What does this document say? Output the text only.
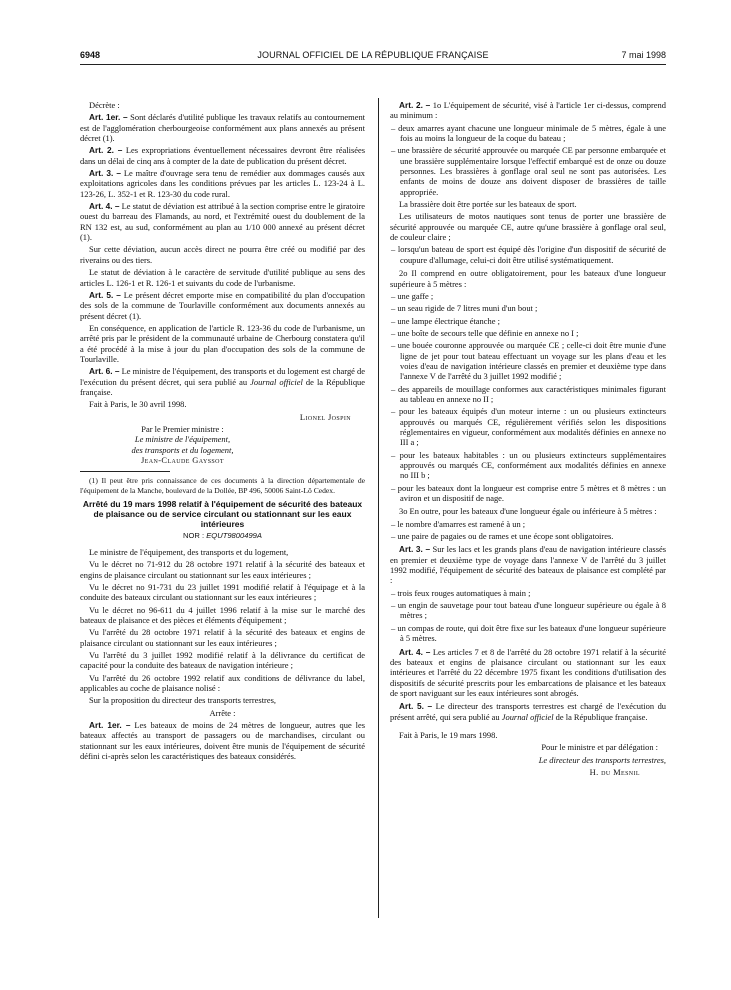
6948	JOURNAL OFFICIEL DE LA RÉPUBLIQUE FRANÇAISE	7 mai 1998

Décrète :

Art. 1er. – Sont déclarés d'utilité publique les travaux relatifs au contournement est de l'agglomération cherbourgeoise conformément aux plans annexés au présent décret (1).

Art. 2. – Les expropriations éventuellement nécessaires devront être réalisées dans un délai de cinq ans à compter de la date de publication du présent décret.

Art. 3. – Le maître d'ouvrage sera tenu de remédier aux dommages causés aux exploitations agricoles dans les conditions prévues par les articles L. 123-24 à L. 123-26, L. 352-1 et R. 123-30 du code rural.

Art. 4. – Le statut de déviation est attribué à la section comprise entre le giratoire ouest du barreau des Flamands, au nord, et l'extrémité ouest du doublement de la RN 132 est, au sud, conformément au plan au 1/10 000 annexé au présent décret (1).

Sur cette déviation, aucun accès direct ne pourra être créé ou modifié par des riverains ou des tiers.

Le statut de déviation à le caractère de servitude d'utilité publique au sens des articles L. 126-1 et R. 126-1 et suivants du code de l'urbanisme.

Art. 5. – Le présent décret emporte mise en compatibilité du plan d'occupation des sols de la commune de Tourlaville conformément aux documents annexés au présent décret (1).

En conséquence, en application de l'article R. 123-36 du code de l'urbanisme, un arrêté pris par le président de la communauté urbaine de Cherbourg constatera qu'il a été procédé à la mise à jour du plan d'occupation des sols de la commune de Tourlaville.

Art. 6. – Le ministre de l'équipement, des transports et du logement est chargé de l'exécution du présent décret, qui sera publié au Journal officiel de la République française.

Fait à Paris, le 30 avril 1998.

Lionel Jospin

Par le Premier ministre :

Le ministre de l'équipement,

des transports et du logement,

Jean-Claude Gayssot

(1) Il peut être pris connaissance de ces documents à la direction départementale de l'équipement de la Manche, boulevard de la Dollée, BP 496, 50006 Saint-Lô Cedex.

Arrêté du 19 mars 1998 relatif à l'équipement de sécurité des bateaux de plaisance ou de service circulant ou stationnant sur les eaux intérieures
NOR : EQUT9800499A

Le ministre de l'équipement, des transports et du logement,

Vu le décret no 71-912 du 28 octobre 1971 relatif à la sécurité des bateaux et engins de plaisance circulant ou stationnant sur les eaux intérieures ;

Vu le décret no 91-731 du 23 juillet 1991 modifié relatif à l'équipage et à la conduite des bateaux circulant ou stationnant sur les eaux intérieures ;

Vu le décret no 96-611 du 4 juillet 1996 relatif à la mise sur le marché des bateaux de plaisance et des pièces et éléments d'équipement ;

Vu l'arrêté du 28 octobre 1971 relatif à la sécurité des bateaux et engins de plaisance circulant ou stationnant sur les eaux intérieures ;

Vu l'arrêté du 3 juillet 1992 modifié relatif à la délivrance du certificat de capacité pour la conduite des bateaux de navigation intérieure ;

Vu l'arrêté du 26 octobre 1992 relatif aux conditions de délivrance du label, applicables au coche de plaisance nolisé :

Sur la proposition du directeur des transports terrestres,

Arrête :

Art. 1er. – Les bateaux de moins de 24 mètres de longueur, autres que les bateaux affectés au transport de passagers ou de marchandises, circulant ou stationnant sur les eaux intérieures, doivent être munis de l'équipement de sécurité défini ci-après selon les caractéristiques des bateaux considérés.

Art. 2. – 1o L'équipement de sécurité, visé à l'article 1er ci-dessus, comprend au minimum :

– deux amarres ayant chacune une longueur minimale de 5 mètres, égale à une fois au moins la longueur de la coque du bateau ;

– une brassière de sécurité approuvée ou marquée CE par personne embarquée et une brassière supplémentaire lorsque l'effectif embarqué est de onze ou douze personnes. Les brassières à gonflage oral seul ne sont pas autorisées. Les enfants de moins de douze ans doivent disposer de brassières de taille appropriée.

La brassière doit être portée sur les bateaux de sport.

Les utilisateurs de motos nautiques sont tenus de porter une brassière de sécurité approuvée ou marquée CE, autre qu'une brassière à gonflage oral seul, de couleur claire ;

– lorsqu'un bateau de sport est équipé dès l'origine d'un dispositif de sécurité de coupure d'allumage, celui-ci doit être utilisé systématiquement.

2o Il comprend en outre obligatoirement, pour les bateaux d'une longueur supérieure à 5 mètres :

– une gaffe ;

– un seau rigide de 7 litres muni d'un bout ;

– une lampe électrique étanche ;

– une boîte de secours telle que définie en annexe no I ;

– une bouée couronne approuvée ou marquée CE ; celle-ci doit être munie d'une ligne de jet pour tout bateau effectuant un voyage sur les plans d'eau et les voies d'eau de navigation intérieure classés en premier et deuxième type dans l'annexe V de l'arrêté du 3 juillet 1992 modifié ;

– des appareils de mouillage conformes aux caractéristiques minimales figurant au tableau en annexe no II ;

– pour les bateaux équipés d'un moteur interne : un ou plusieurs extincteurs approuvés ou marqués CE, régulièrement vérifiés selon les dispositions réglementaires en vigueur, conformément aux modalités définies en annexe no III a ;

– pour les bateaux habitables : un ou plusieurs extincteurs supplémentaires approuvés ou marqués CE, conformément aux modalités définies en annexe no III b ;

– pour les bateaux dont la longueur est comprise entre 5 mètres et 8 mètres : un aviron et un dispositif de nage.

3o En outre, pour les bateaux d'une longueur égale ou inférieure à 5 mètres :

– le nombre d'amarres est ramené à un ;

– une paire de pagaies ou de rames et une écope sont obligatoires.

Art. 3. – Sur les lacs et les grands plans d'eau de navigation intérieure classés en premier et deuxième type de voyage dans l'annexe V de l'arrêté du 3 juillet 1992 modifié, l'équipement de sécurité des bateaux de plaisance est complété par :

– trois feux rouges automatiques à main ;

– un engin de sauvetage pour tout bateau d'une longueur supérieure ou égale à 8 mètres ;

– un compas de route, qui doit être fixe sur les bateaux d'une longueur supérieure à 5 mètres.

Art. 4. – Les articles 7 et 8 de l'arrêté du 28 octobre 1971 relatif à la sécurité des bateaux et engins de plaisance circulant ou stationnant sur les eaux intérieures et l'arrêté du 22 décembre 1975 fixant les conditions d'utilisation des dispositifs de sécurité prescrits pour les embarcations de plaisance et les bateaux de sport naviguant sur les eaux intérieures sont abrogés.

Art. 5. – Le directeur des transports terrestres est chargé de l'exécution du présent arrêté, qui sera publié au Journal officiel de la République française.

Fait à Paris, le 19 mars 1998.

Pour le ministre et par délégation :

Le directeur des transports terrestres,

H. du Mesnil
